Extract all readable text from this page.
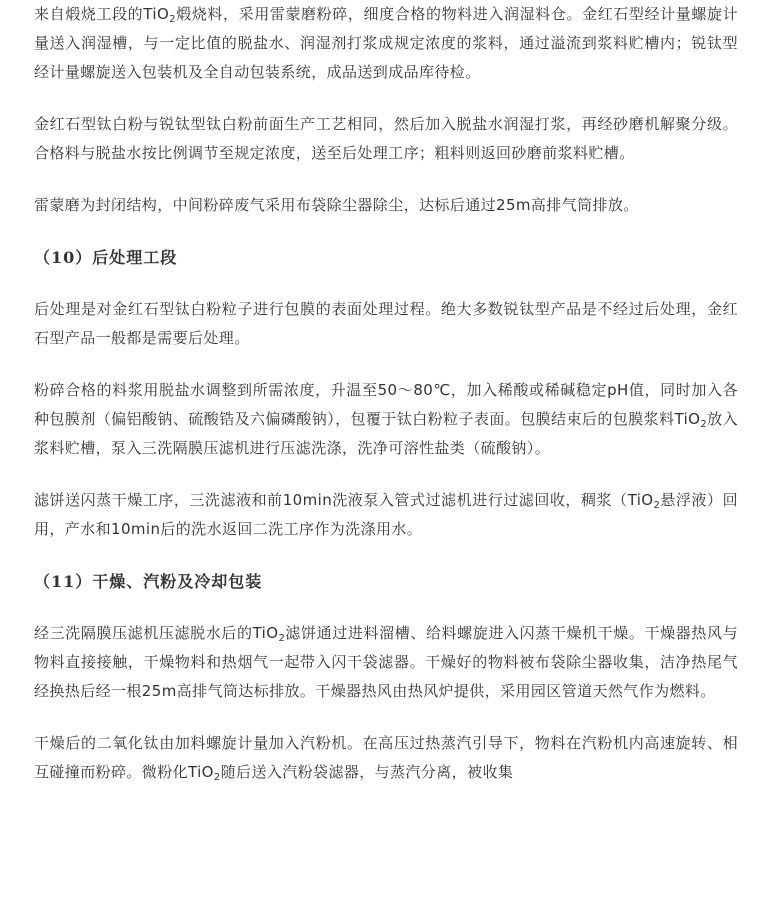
来自煅烧工段的TiO$_2$煅烧料，采用雷蒙磨粉碎，细度合格的物料进入润湿料仓。金红石型经计量螺旋计量送入润湿槽，与一定比值的脱盐水、润湿剂打浆成规定浓度的浆料，通过溢流到浆料贮槽内；锐钛型经计量螺旋送入包装机及全自动包装系统，成品送到成品库待检。

金红石型钛白粉与锐钛型钛白粉前面生产工艺相同，然后加入脱盐水润湿打浆，再经砂磨机解聚分级。合格料与脱盐水按比例调节至规定浓度，送至后处理工序；粗料则返回砂磨前浆料贮槽。

雷蒙磨为封闭结构，中间粉碎废气采用布袋除尘器除尘，达标后通过25m高排气筒排放。

（10）后处理工段

后处理是对金红石型钛白粉粒子进行包膜的表面处理过程。绝大多数锐钛型产品是不经过后处理，金红石型产品一般都是需要后处理。

粉碎合格的料浆用脱盐水调整到所需浓度，升温至50～80℃，加入稀酸或稀碱稳定pH值，同时加入各种包膜剂（偏铝酸钠、硫酸锆及六偏磷酸钠），包覆于钛白粉粒子表面。包膜结束后的包膜浆料TiO$_2$放入浆料贮槽，泵入三洗隔膜压滤机进行压滤洗涤，洗净可溶性盐类（硫酸钠）。

滤饼送闪蒸干燥工序，三洗滤液和前10min洗液泵入管式过滤机进行过滤回收，稠浆（TiO$_2$悬浮液）回用，产水和10min后的洗水返回二洗工序作为洗涤用水。

（11）干燥、汽粉及冷却包装

经三洗隔膜压滤机压滤脱水后的TiO$_2$滤饼通过进料溜槽、给料螺旋进入闪蒸干燥机干燥。干燥器热风与物料直接接触，干燥物料和热烟气一起带入闪干袋滤器。干燥好的物料被布袋除尘器收集，洁净热尾气经换热后经一根25m高排气筒达标排放。干燥器热风由热风炉提供，采用园区管道天然气作为燃料。

干燥后的二氧化钛由加料螺旋计量加入汽粉机。在高压过热蒸汽引导下，物料在汽粉机内高速旋转、相互碰撞而粉碎。微粉化TiO$_2$随后送入汽粉袋滤器，与蒸汽分离，被收集
